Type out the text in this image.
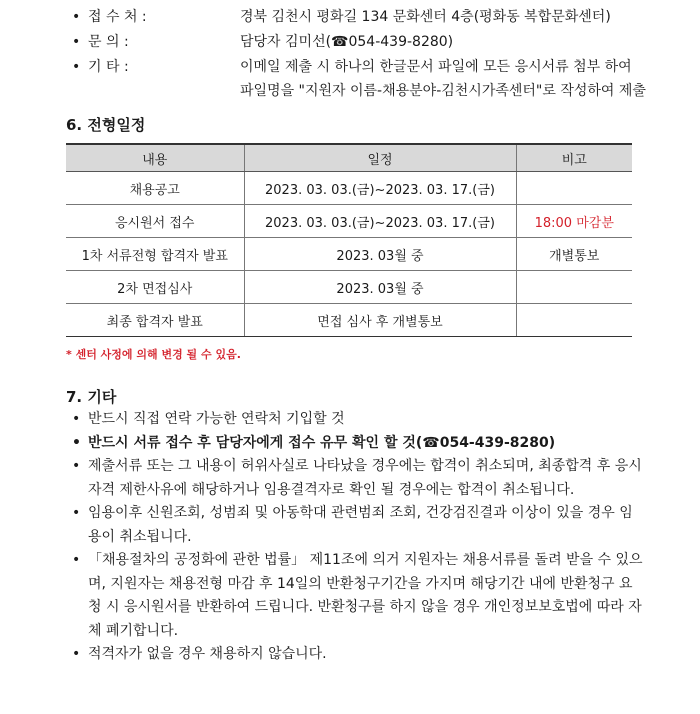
• 접 수 처 :	경북 김천시 평화길 134 문화센터 4층(평화동 복합문화센터)
• 문 의 :	담당자 김미선(☎054-439-8280)
• 기 타 :	이메일 제출 시 하나의 한글문서 파일에 모든 응시서류 첨부 하여
파일명을 "지원자 이름-채용분야-김천시가족센터"로 작성하여 제출
6. 전형일정
내용	일정	비고
채용공고	2023. 03. 03.(금)~2023. 03. 17.(금)	
응시원서 접수	2023. 03. 03.(금)~2023. 03. 17.(금)	18:00 마감분
1차 서류전형 합격자 발표	2023. 03월 중	개별통보
2차 면접심사	2023. 03월 중	
최종 합격자 발표	면접 심사 후 개별통보	
* 센터 사정에 의해 변경 될 수 있음.
7. 기타
• 반드시 직접 연락 가능한 연락처 기입할 것
• 반드시 서류 접수 후 담당자에게 접수 유무 확인 할 것(☎054-439-8280)
• 제출서류 또는 그 내용이 허위사실로 나타났을 경우에는 합격이 취소되며, 최종합격 후 응시자격 제한사유에 해당하거나 임용결격자로 확인 될 경우에는 합격이 취소됩니다.
• 임용이후 신원조회, 성범죄 및 아동학대 관련범죄 조회, 건강검진결과 이상이 있을 경우 임용이 취소됩니다.
• 「채용절차의 공정화에 관한 법률」 제11조에 의거 지원자는 채용서류를 돌려 받을 수 있으며, 지원자는 채용전형 마감 후 14일의 반환청구기간을 가지며 해당기간 내에 반환청구 요청 시 응시원서를 반환하여 드립니다. 반환청구를 하지 않을 경우 개인정보보호법에 따라 자체 폐기합니다.
• 적격자가 없을 경우 채용하지 않습니다.
